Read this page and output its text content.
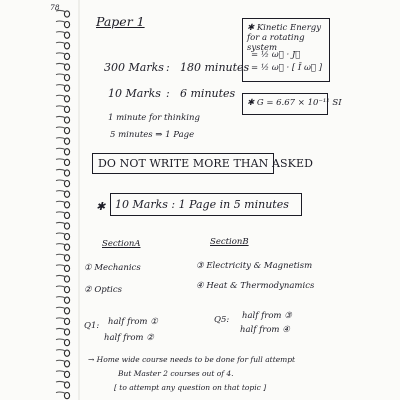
78
Paper 1	✱ Kinetic Energy for a rotating system
= ½ ω⃗ · J⃗
= ½ ω⃗ · [ Ī ω⃗ ]
✱ G = 6.67 × 10⁻¹¹ SI
300 Marks : 180 minutes
10 Marks : 6 minutes
1 minute for thinking
5 minutes ⇒ 1 Page
DO NOT WRITE MORE THAN ASKED
✱ 10 Marks : 1 Page in 5 minutes
SectionA	SectionB
① Mechanics
② Optics
③ Electricity & Magnetism
④ Heat & Thermodynamics
Q1: half from ①
half from ②
Q5: half from ③
half from ④
→ Home wide course needs to be done for full attempt
But Master 2 courses out of 4.
[ to attempt any question on that topic ]
